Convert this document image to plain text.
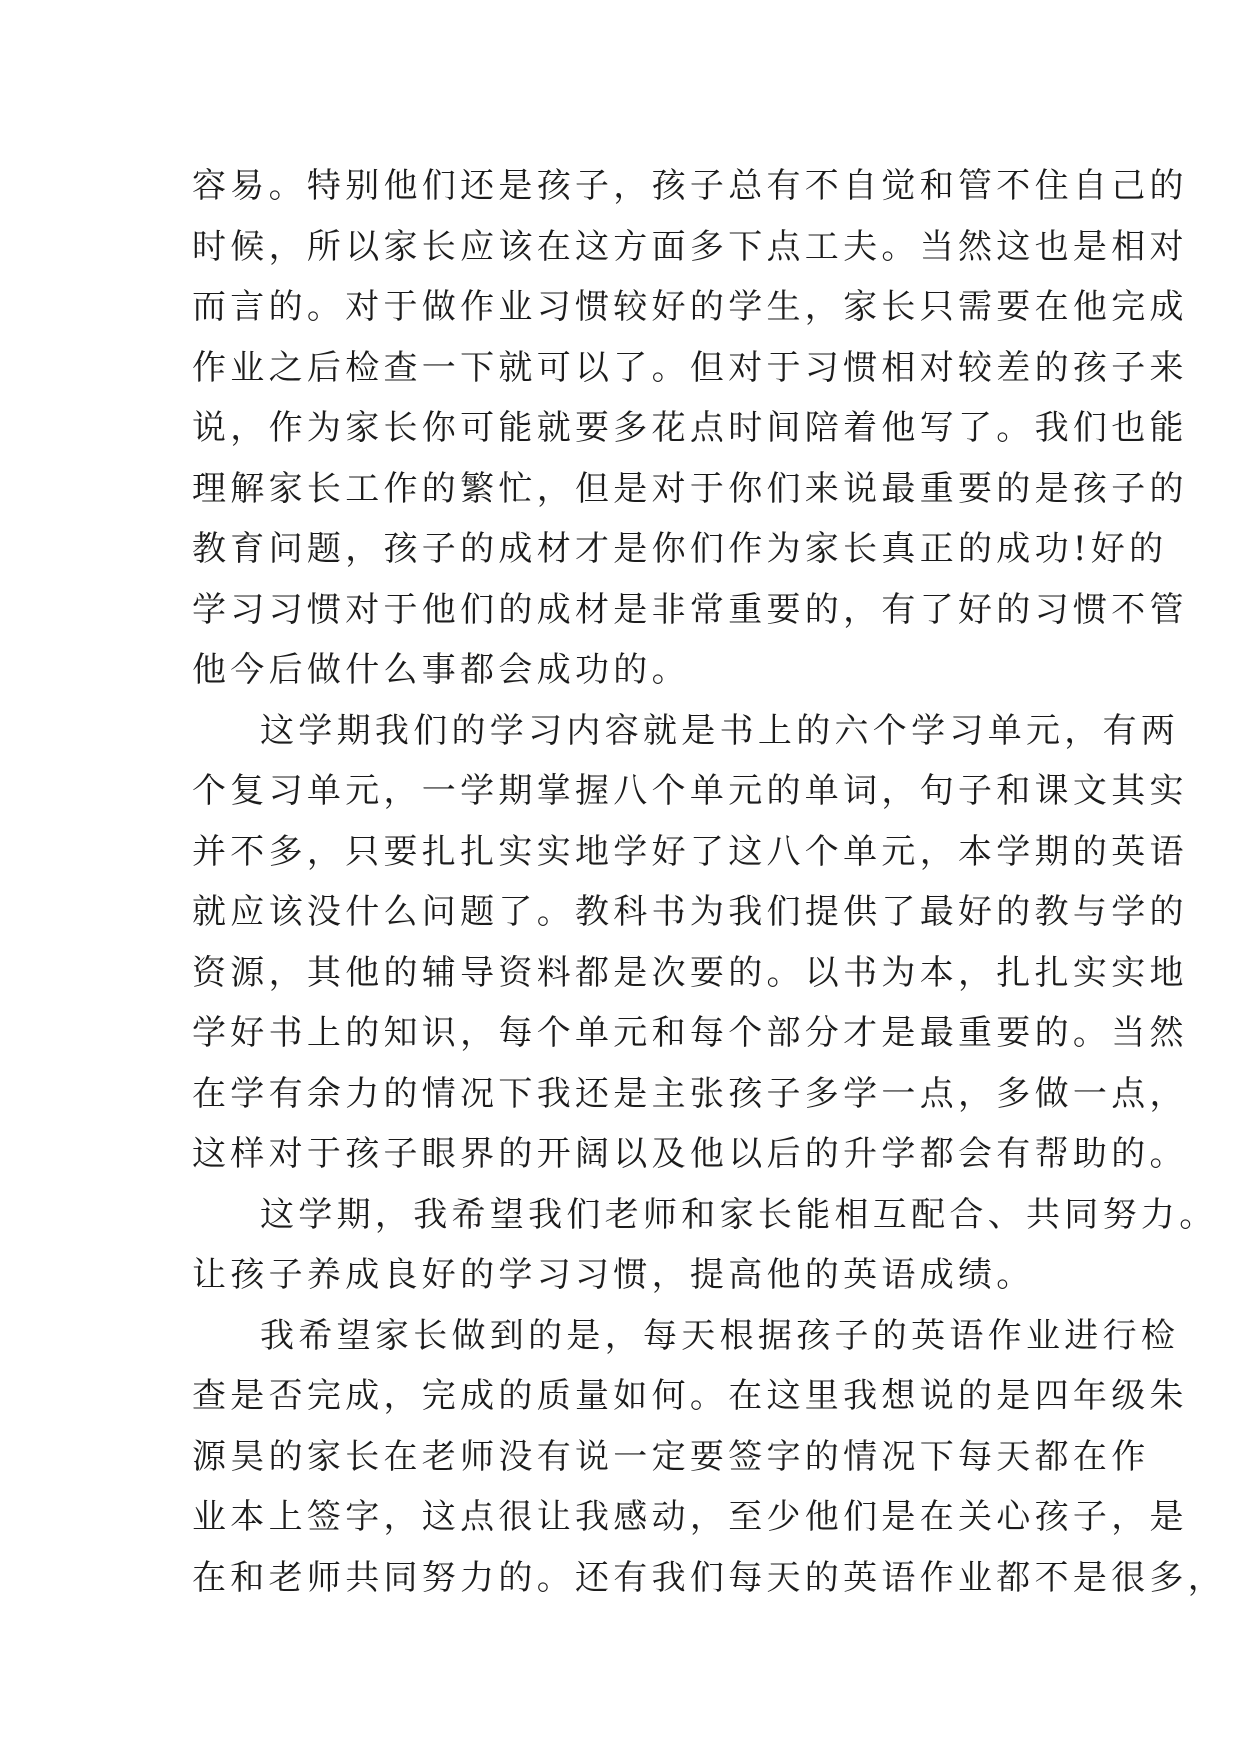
容易。特别他们还是孩子，孩子总有不自觉和管不住自己的
时候，所以家长应该在这方面多下点工夫。当然这也是相对
而言的。对于做作业习惯较好的学生，家长只需要在他完成
作业之后检查一下就可以了。但对于习惯相对较差的孩子来
说，作为家长你可能就要多花点时间陪着他写了。我们也能
理解家长工作的繁忙，但是对于你们来说最重要的是孩子的
教育问题，孩子的成材才是你们作为家长真正的成功!好的
学习习惯对于他们的成材是非常重要的，有了好的习惯不管
他今后做什么事都会成功的。
这学期我们的学习内容就是书上的六个学习单元，有两
个复习单元，一学期掌握八个单元的单词，句子和课文其实
并不多，只要扎扎实实地学好了这八个单元，本学期的英语
就应该没什么问题了。教科书为我们提供了最好的教与学的
资源，其他的辅导资料都是次要的。以书为本，扎扎实实地
学好书上的知识，每个单元和每个部分才是最重要的。当然
在学有余力的情况下我还是主张孩子多学一点，多做一点，
这样对于孩子眼界的开阔以及他以后的升学都会有帮助的。
这学期，我希望我们老师和家长能相互配合、共同努力。
让孩子养成良好的学习习惯，提高他的英语成绩。
我希望家长做到的是，每天根据孩子的英语作业进行检
查是否完成，完成的质量如何。在这里我想说的是四年级朱
源昊的家长在老师没有说一定要签字的情况下每天都在作
业本上签字，这点很让我感动，至少他们是在关心孩子，是
在和老师共同努力的。还有我们每天的英语作业都不是很多，
